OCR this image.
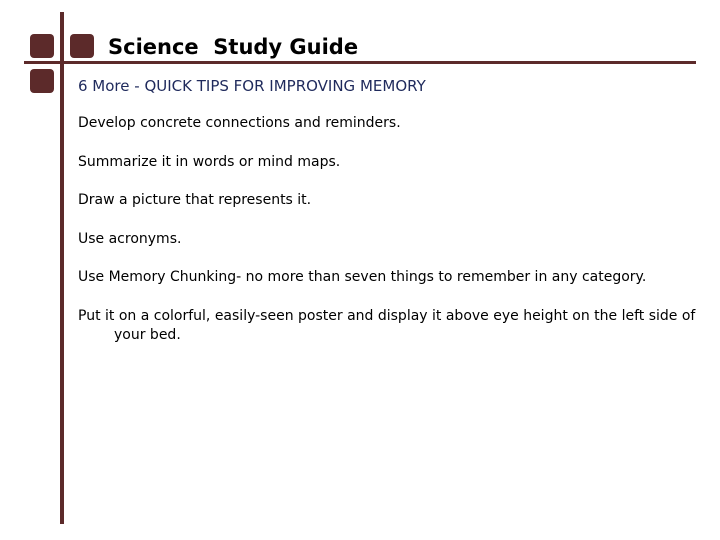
Science  Study Guide
6 More - QUICK TIPS FOR IMPROVING MEMORY
Develop concrete connections and reminders.
Summarize it in words or mind maps.
Draw a picture that represents it.
Use acronyms.
Use Memory Chunking- no more than seven things to remember in any category.
Put it on a colorful, easily-seen poster and display it above eye height on the left side of your bed.
